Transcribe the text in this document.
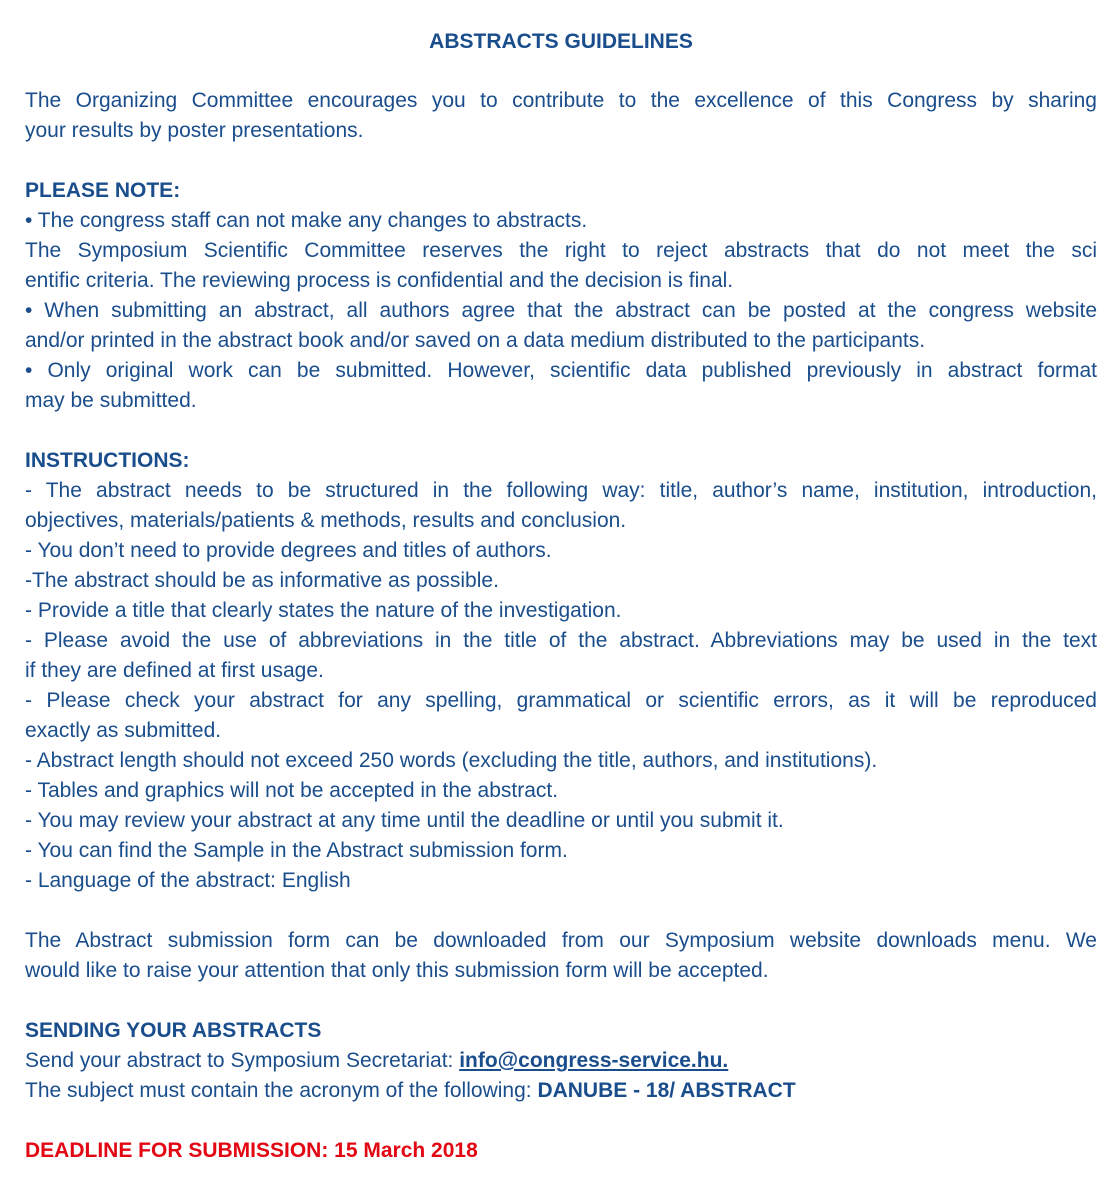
ABSTRACTS GUIDELINES
The Organizing Committee encourages you to contribute to the excellence of this Congress by sharing
your results by poster presentations.
PLEASE NOTE:
• The congress staff can not make any changes to abstracts.
The Symposium Scientific Committee reserves the right to reject abstracts that do not meet the sci
entific criteria. The reviewing process is confidential and the decision is final.
• When submitting an abstract, all authors agree that the abstract can be posted at the congress website
and/or printed in the abstract book and/or saved on a data medium distributed to the participants.
• Only original work can be submitted. However, scientific data published previously in abstract format
may be submitted.
INSTRUCTIONS:
- The abstract needs to be structured in the following way: title, author’s name, institution, introduction,
objectives, materials/patients & methods, results and conclusion.
- You don’t need to provide degrees and titles of authors.
-The abstract should be as informative as possible.
- Provide a title that clearly states the nature of the investigation.
- Please avoid the use of abbreviations in the title of the abstract. Abbreviations may be used in the text
if they are defined at first usage.
- Please check your abstract for any spelling, grammatical or scientific errors, as it will be reproduced
exactly as submitted.
- Abstract length should not exceed 250 words (excluding the title, authors, and institutions).
- Tables and graphics will not be accepted in the abstract.
- You may review your abstract at any time until the deadline or until you submit it.
- You can find the Sample in the Abstract submission form.
- Language of the abstract: English
The Abstract submission form can be downloaded from our Symposium website downloads menu. We
would like to raise your attention that only this submission form will be accepted.
SENDING YOUR ABSTRACTS
Send your abstract to Symposium Secretariat: info@congress-service.hu.
The subject must contain the acronym of the following: DANUBE - 18/ ABSTRACT
DEADLINE FOR SUBMISSION: 15 March 2018
